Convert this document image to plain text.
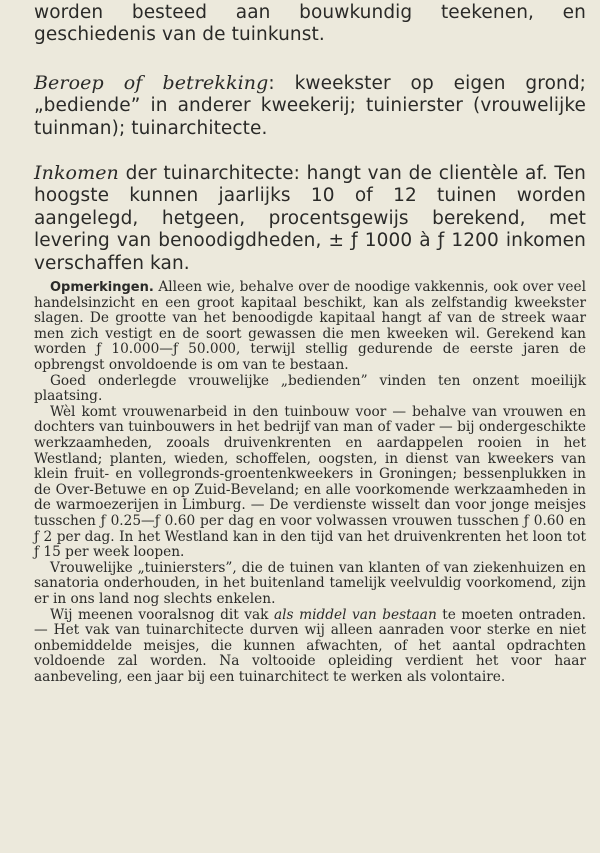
worden besteed aan bouwkundig teekenen, en geschiedenis van de tuinkunst.

Beroep of betrekking: kweekster op eigen grond; „bediende” in anderer kweekerij; tuinierster (vrouwelijke tuinman); tuinarchitecte.

Inkomen der tuinarchitecte: hangt van de clientèle af. Ten hoogste kunnen jaarlijks 10 of 12 tuinen worden aangelegd, hetgeen, procentsgewijs berekend, met levering van benoodigdheden, ± ƒ 1000 à ƒ 1200 inkomen verschaffen kan.

Opmerkingen. Alleen wie, behalve over de noodige vakkennis, ook over veel handelsinzicht en een groot kapitaal beschikt, kan als zelfstandig kweekster slagen. De grootte van het benoodigde kapitaal hangt af van de streek waar men zich vestigt en de soort gewassen die men kweeken wil. Gerekend kan worden ƒ 10.000—ƒ 50.000, terwijl stellig gedurende de eerste jaren de opbrengst onvoldoende is om van te bestaan.

Goed onderlegde vrouwelijke „bedienden” vinden ten onzent moeilijk plaatsing.

Wèl komt vrouwenarbeid in den tuinbouw voor — behalve van vrouwen en dochters van tuinbouwers in het bedrijf van man of vader — bij ondergeschikte werkzaamheden, zooals druivenkrenten en aardappelen rooien in het Westland; planten, wieden, schoffelen, oogsten, in dienst van kweekers van klein fruit- en vollegronds-groentenkweekers in Groningen; bessenplukken in de Over-Betuwe en op Zuid-Beveland; en alle voorkomende werkzaamheden in de warmoezerijen in Limburg. — De verdienste wisselt dan voor jonge meisjes tusschen ƒ 0.25—ƒ 0.60 per dag en voor volwassen vrouwen tusschen ƒ 0.60 en ƒ 2 per dag. In het Westland kan in den tijd van het druivenkrenten het loon tot ƒ 15 per week loopen.

Vrouwelijke „tuiniersters”, die de tuinen van klanten of van ziekenhuizen en sanatoria onderhouden, in het buitenland tamelijk veelvuldig voorkomend, zijn er in ons land nog slechts enkelen.

Wij meenen vooralsnog dit vak als middel van bestaan te moeten ontraden. — Het vak van tuinarchitecte durven wij alleen aanraden voor sterke en niet onbemiddelde meisjes, die kunnen afwachten, of het aantal opdrachten voldoende zal worden. Na voltooide opleiding verdient het voor haar aanbeveling, een jaar bij een tuinarchitect te werken als volontaire.
